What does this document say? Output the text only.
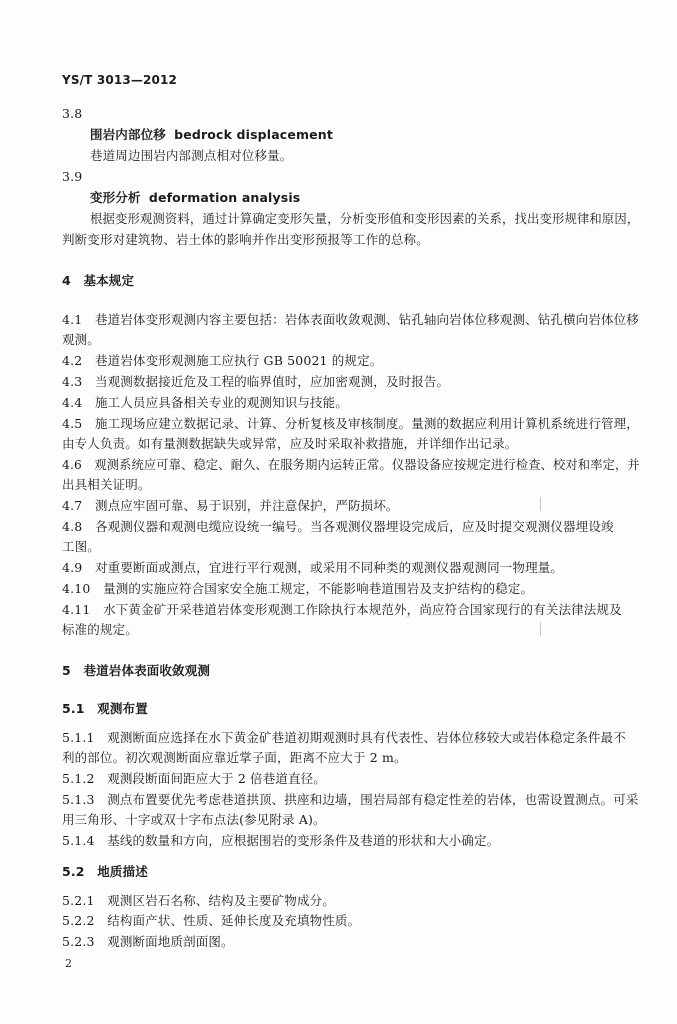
YS/T 3013—2012
3.8
围岩内部位移 bedrock displacement
巷道周边围岩内部测点相对位移量。
3.9
变形分析 deformation analysis
根据变形观测资料，通过计算确定变形矢量，分析变形值和变形因素的关系，找出变形规律和原因，
判断变形对建筑物、岩土体的影响并作出变形预报等工作的总称。
4　基本规定
4.1　巷道岩体变形观测内容主要包括：岩体表面收敛观测、钻孔轴向岩体位移观测、钻孔横向岩体位移
观测。
4.2　巷道岩体变形观测施工应执行 GB 50021 的规定。
4.3　当观测数据接近危及工程的临界值时，应加密观测，及时报告。
4.4　施工人员应具备相关专业的观测知识与技能。
4.5　施工现场应建立数据记录、计算、分析复核及审核制度。量测的数据应利用计算机系统进行管理，
由专人负责。如有量测数据缺失或异常，应及时采取补救措施，并详细作出记录。
4.6　观测系统应可靠、稳定、耐久、在服务期内运转正常。仪器设备应按规定进行检查、校对和率定，并
出具相关证明。
4.7　测点应牢固可靠、易于识别，并注意保护，严防损坏。
4.8　各观测仪器和观测电缆应设统一编号。当各观测仪器埋设完成后，应及时提交观测仪器埋设竣
工图。
4.9　对重要断面或测点，宜进行平行观测，或采用不同种类的观测仪器观测同一物理量。
4.10　量测的实施应符合国家安全施工规定，不能影响巷道围岩及支护结构的稳定。
4.11　水下黄金矿开采巷道岩体变形观测工作除执行本规范外，尚应符合国家现行的有关法律法规及
标准的规定。
5　巷道岩体表面收敛观测
5.1　观测布置
5.1.1　观测断面应选择在水下黄金矿巷道初期观测时具有代表性、岩体位移较大或岩体稳定条件最不
利的部位。初次观测断面应靠近掌子面，距离不应大于 2 m。
5.1.2　观测段断面间距应大于 2 倍巷道直径。
5.1.3　测点布置要优先考虑巷道拱顶、拱座和边墙，围岩局部有稳定性差的岩体，也需设置测点。可采
用三角形、十字或双十字布点法(参见附录 A)。
5.1.4　基线的数量和方向，应根据围岩的变形条件及巷道的形状和大小确定。
5.2　地质描述
5.2.1　观测区岩石名称、结构及主要矿物成分。
5.2.2　结构面产状、性质、延伸长度及充填物性质。
5.2.3　观测断面地质剖面图。
2
